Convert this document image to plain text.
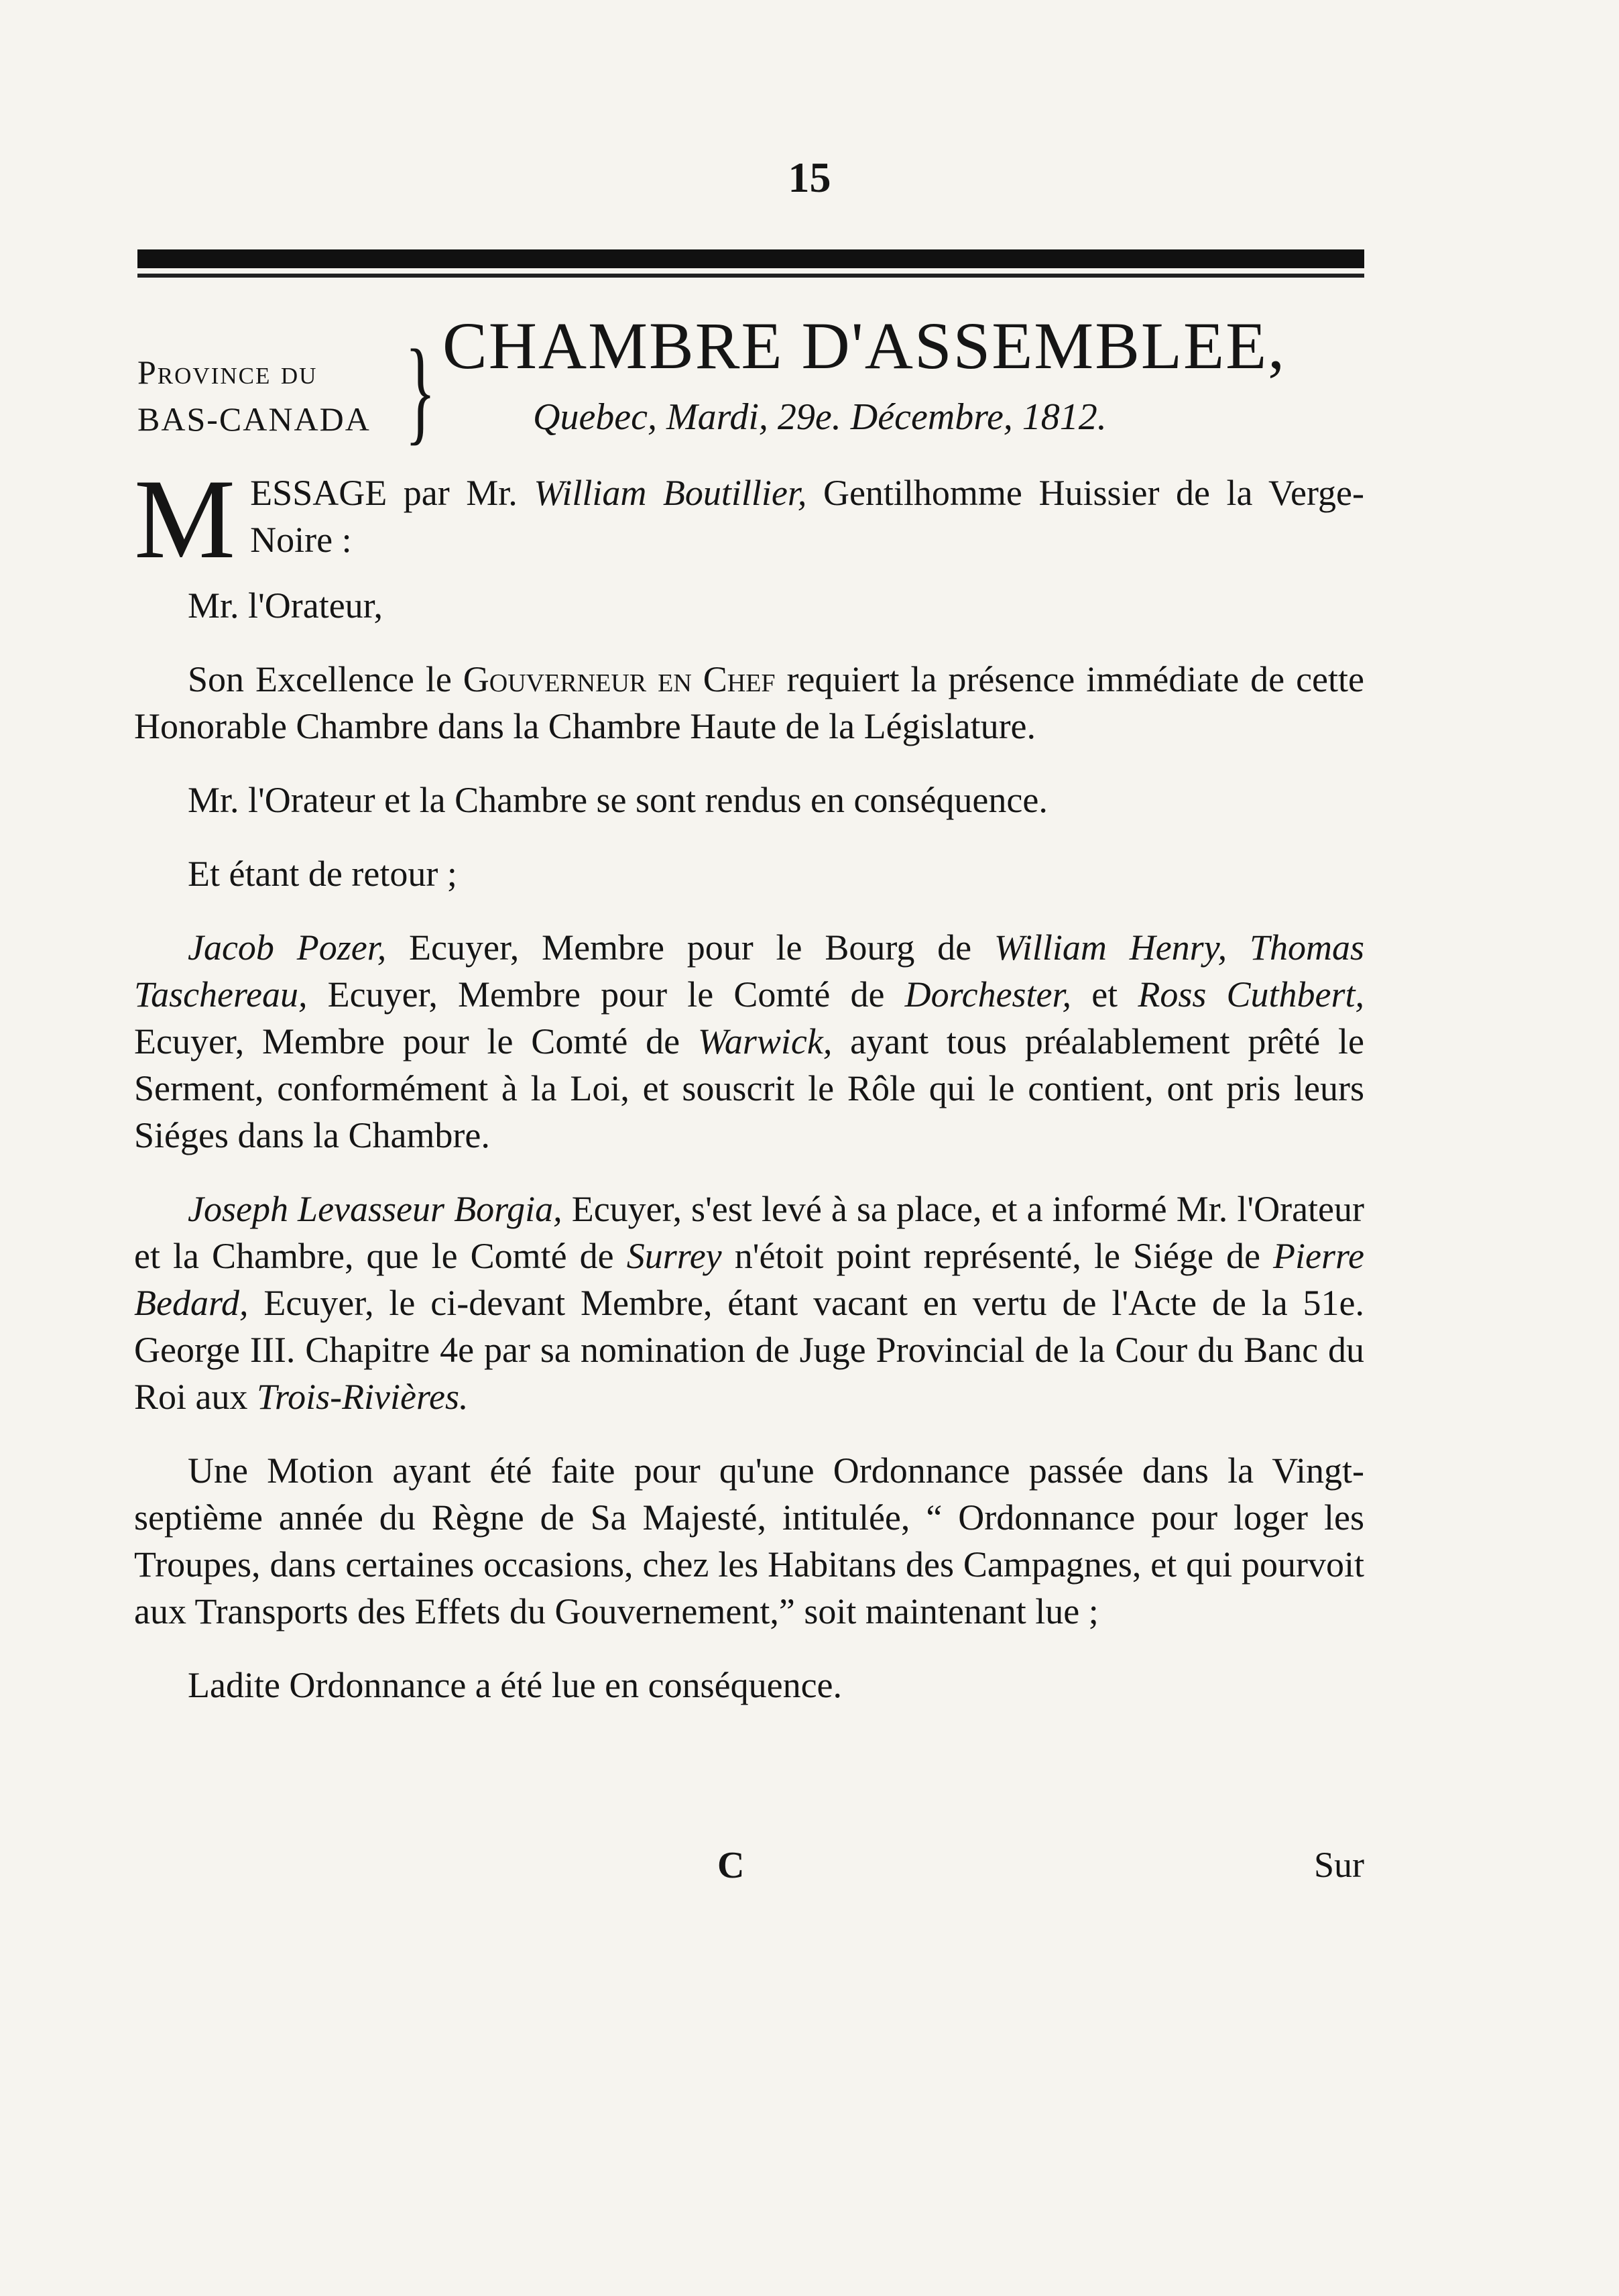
15
Province du
BAS-CANADA } CHAMBRE D'ASSEMBLEE,
Quebec, Mardi, 29e. Décembre, 1812.

MESSAGE par Mr. William Boutillier, Gentilhomme Huissier de la Verge-Noire :

Mr. l'Orateur,

Son Excellence le Gouverneur en Chef requiert la présence immédiate de cette Honorable Chambre dans la Chambre Haute de la Législature.

Mr. l'Orateur et la Chambre se sont rendus en conséquence.

Et étant de retour ;

Jacob Pozer, Ecuyer, Membre pour le Bourg de William Henry, Thomas Taschereau, Ecuyer, Membre pour le Comté de Dorchester, et Ross Cuthbert, Ecuyer, Membre pour le Comté de Warwick, ayant tous préalablement prêté le Serment, conformément à la Loi, et souscrit le Rôle qui le contient, ont pris leurs Siéges dans la Chambre.

Joseph Levasseur Borgia, Ecuyer, s'est levé à sa place, et a informé Mr. l'Orateur et la Chambre, que le Comté de Surrey n'étoit point représenté, le Siége de Pierre Bedard, Ecuyer, le ci-devant Membre, étant vacant en vertu de l'Acte de la 51e. George III. Chapitre 4e par sa nomination de Juge Provincial de la Cour du Banc du Roi aux Trois-Rivières.

Une Motion ayant été faite pour qu'une Ordonnance passée dans la Vingt-septième année du Règne de Sa Majesté, intitulée, “ Ordonnance pour loger les Troupes, dans certaines occasions, chez les Habitans des Campagnes, et qui pourvoit aux Transports des Effets du Gouvernement,” soit maintenant lue ;

Ladite Ordonnance a été lue en conséquence.

C	Sur
